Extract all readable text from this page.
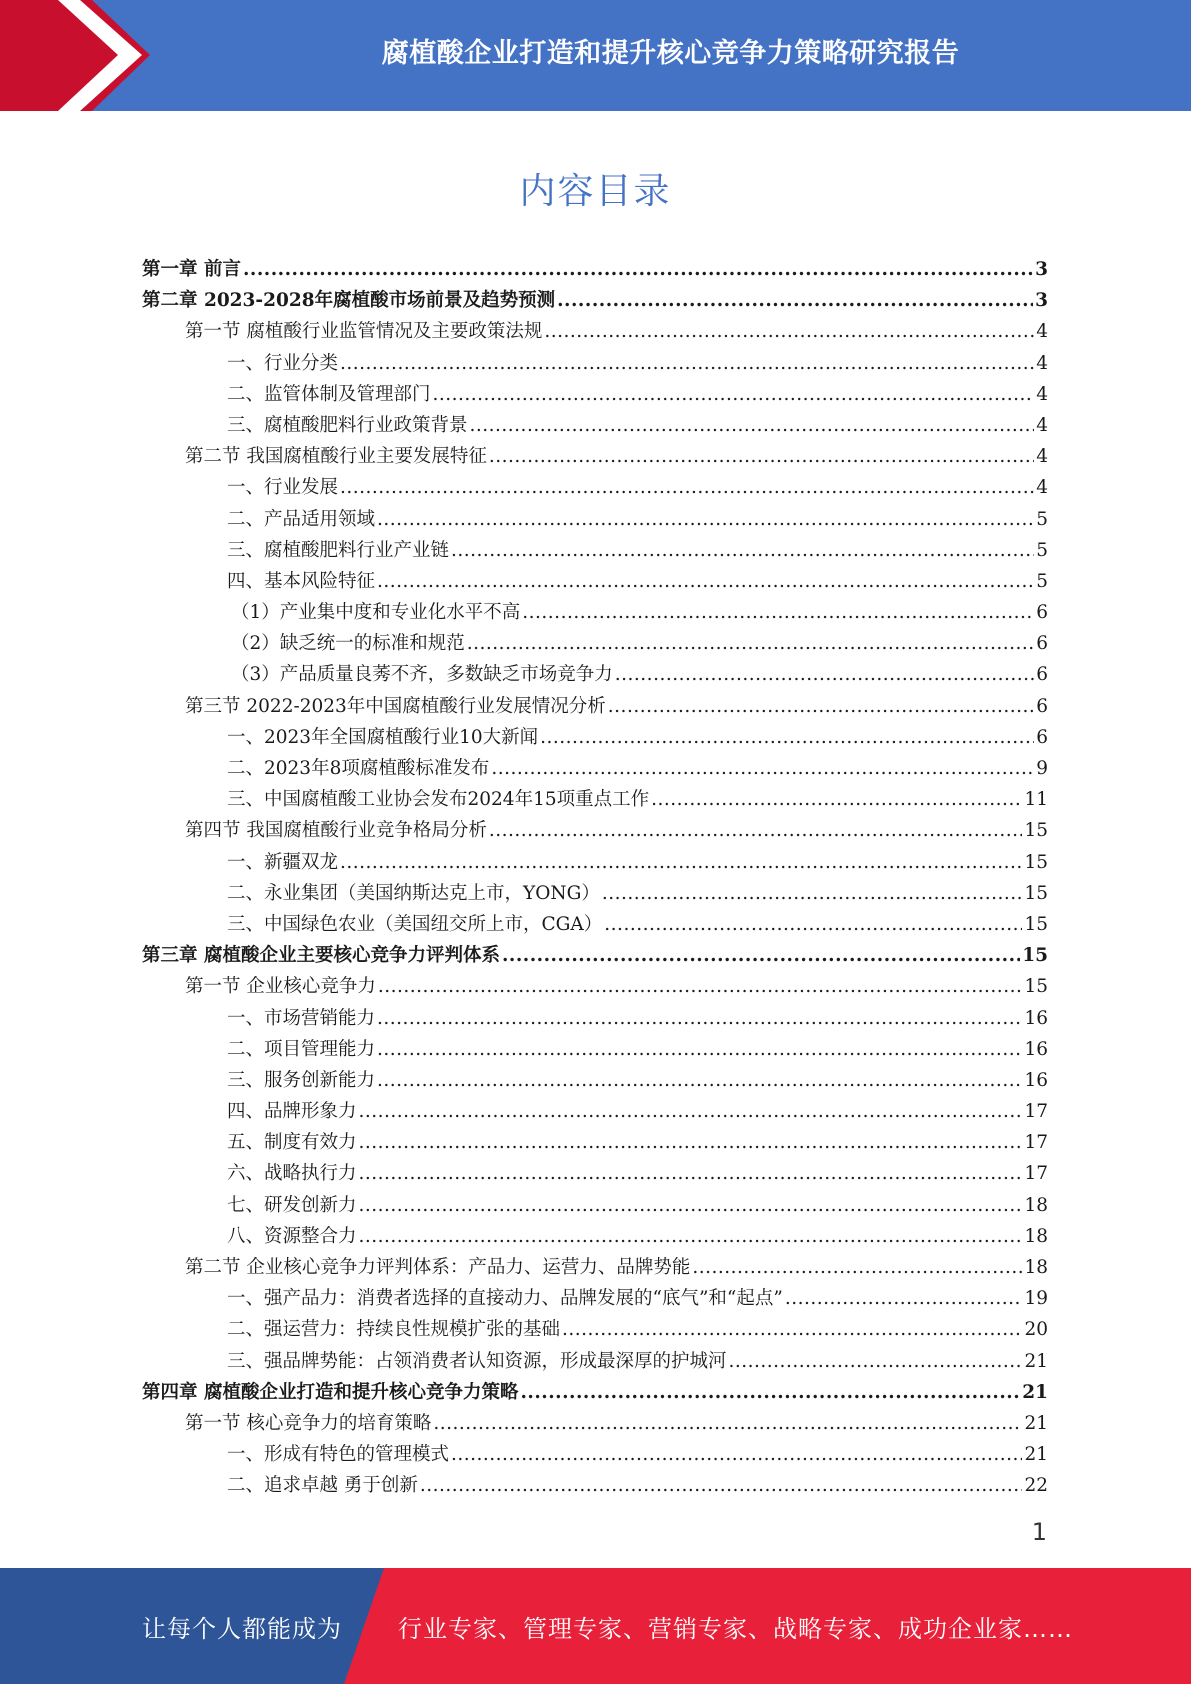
腐植酸企业打造和提升核心竞争力策略研究报告
内容目录
第一章 前言 .....	3
第二章 2023-2028年腐植酸市场前景及趋势预测 .....	3
第一节 腐植酸行业监管情况及主要政策法规 .....	4
一、行业分类 .....	4
二、监管体制及管理部门 .....	4
三、腐植酸肥料行业政策背景 .....	4
第二节 我国腐植酸行业主要发展特征 .....	4
一、行业发展 .....	4
二、产品适用领域 .....	5
三、腐植酸肥料行业产业链 .....	5
四、基本风险特征 .....	5
（1）产业集中度和专业化水平不高 .....	6
（2）缺乏统一的标准和规范 .....	6
（3）产品质量良莠不齐，多数缺乏市场竞争力 .....	6
第三节 2022-2023年中国腐植酸行业发展情况分析 .....	6
一、2023年全国腐植酸行业10大新闻 .....	6
二、2023年8项腐植酸标准发布 .....	9
三、中国腐植酸工业协会发布2024年15项重点工作 .....	11
第四节 我国腐植酸行业竞争格局分析 .....	15
一、新疆双龙 .....	15
二、永业集团（美国纳斯达克上市，YONG） .....	15
三、中国绿色农业（美国纽交所上市，CGA） .....	15
第三章 腐植酸企业主要核心竞争力评判体系 .....	15
第一节 企业核心竞争力 .....	15
一、市场营销能力 .....	16
二、项目管理能力 .....	16
三、服务创新能力 .....	16
四、品牌形象力 .....	17
五、制度有效力 .....	17
六、战略执行力 .....	17
七、研发创新力 .....	18
八、资源整合力 .....	18
第二节 企业核心竞争力评判体系：产品力、运营力、品牌势能 .....	18
一、强产品力：消费者选择的直接动力、品牌发展的“底气”和“起点” .....	19
二、强运营力：持续良性规模扩张的基础 .....	20
三、强品牌势能：占领消费者认知资源，形成最深厚的护城河 .....	21
第四章 腐植酸企业打造和提升核心竞争力策略 .....	21
第一节 核心竞争力的培育策略 .....	21
一、形成有特色的管理模式 .....	21
二、追求卓越 勇于创新 .....	22
1
让每个人都能成为 行业专家、管理专家、营销专家、战略专家、成功企业家……
